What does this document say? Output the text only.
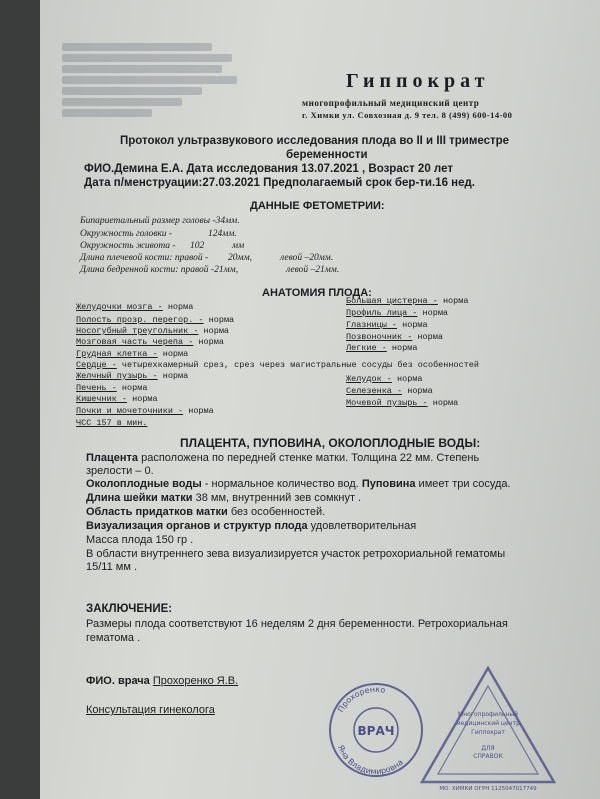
Гиппократ
многопрофильный медицинский центр
г. Химки ул. Совхозная д. 9 тел. 8 (499) 600-14-00
Протокол ультразвукового исследования плода во II и III триместре
беременности
ФИО.Демина Е.А. Дата исследования 13.07.2021 , Возраст 20 лет
Дата п/менструации:27.03.2021 Предполагаемый срок бер-ти.16 нед.
ДАННЫЕ ФЕТОМЕТРИИ:
Бипариетальный размер головы -34мм.
Окружность головки -	124мм.
Окружность живота - 102	мм
Длина плечевой кости: правой - 20мм,	левой –20мм.
Длина бедренной кости: правой -21мм,	левой –21мм.
АНАТОМИЯ ПЛОДА:
Желудочки мозга - норма
Полость прозр. перегор. - норма
Носогубный треугольник - норма
Мозговая часть черепа - норма
Грудная клетка - норма
Сердце - четырехкамерный срез, срез через магистральные сосуды без особенностей
Желчный пузырь - норма
Печень - норма
Кишечник - норма
Почки и мочеточники - норма
ЧСС 157 в мин.
Большая цистерна - норма
Профиль лица - норма
Глазницы - норма
Позвоночник - норма
Легкие - норма
Желудок - норма
Селезенка - норма
Мочевой пузырь - норма
ПЛАЦЕНТА, ПУПОВИНА, ОКОЛОПЛОДНЫЕ ВОДЫ:
Плацента расположена по передней стенке матки. Толщина 22 мм. Степень
зрелости – 0.
Околоплодные воды - нормальное количество вод. Пуповина имеет три сосуда.
Длина шейки матки 38 мм, внутренний зев сомкнут .
Область придатков матки без особенностей.
Визуализация органов и структур плода удовлетворительная
Масса плода 150 гр .
В области внутреннего зева визуализируется участок ретрохориальной гематомы
15/11 мм .
ЗАКЛЮЧЕНИЕ:
Размеры плода соответствуют 16 неделям 2 дня беременности. Ретрохориальная
гематома .
ФИО. врача Прохоренко Я.В.
Консультация гинеколога	Прохоренко
Яна Владимировна
ВРАЧ
Многопрофильный
медицинский центр
Гиппократ
ДЛЯ
СПРАВОК
МО. ХИМКИ ОГРН 1125047017749
